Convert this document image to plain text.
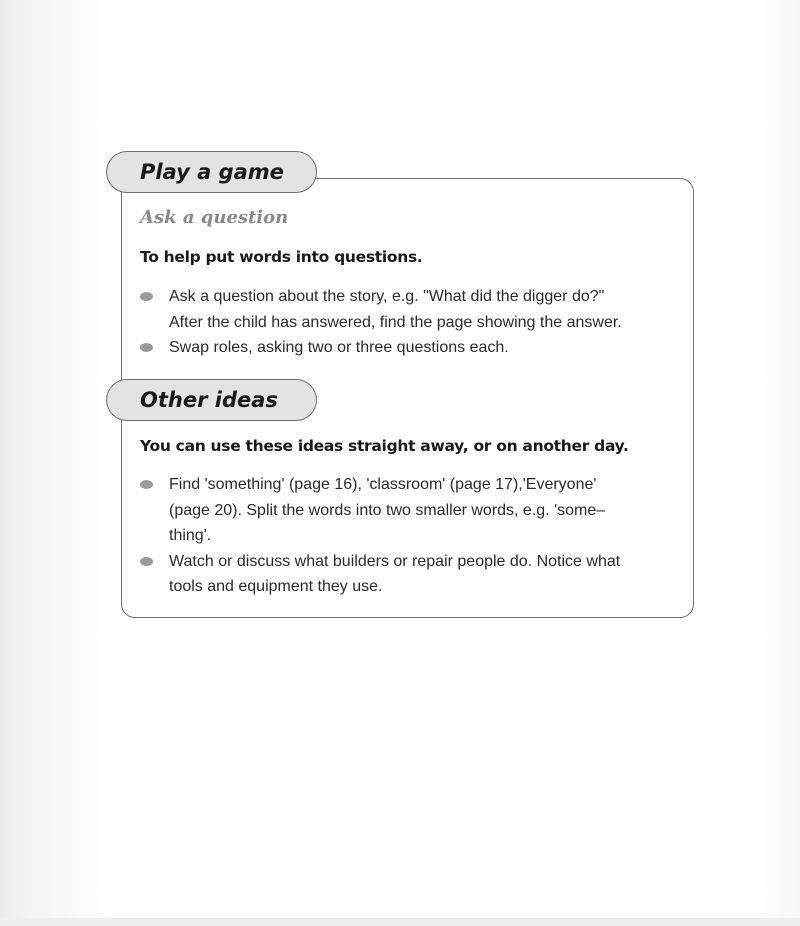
Play a game
Ask a question
To help put words into questions.
Ask a question about the story, e.g. "What did the digger do?"
After the child has answered, find the page showing the answer.
Swap roles, asking two or three questions each.
Other ideas
You can use these ideas straight away, or on another day.
Find 'something' (page 16), 'classroom' (page 17),'Everyone'
(page 20). Split the words into two smaller words, e.g. 'some–
thing'.
Watch or discuss what builders or repair people do. Notice what
tools and equipment they use.
